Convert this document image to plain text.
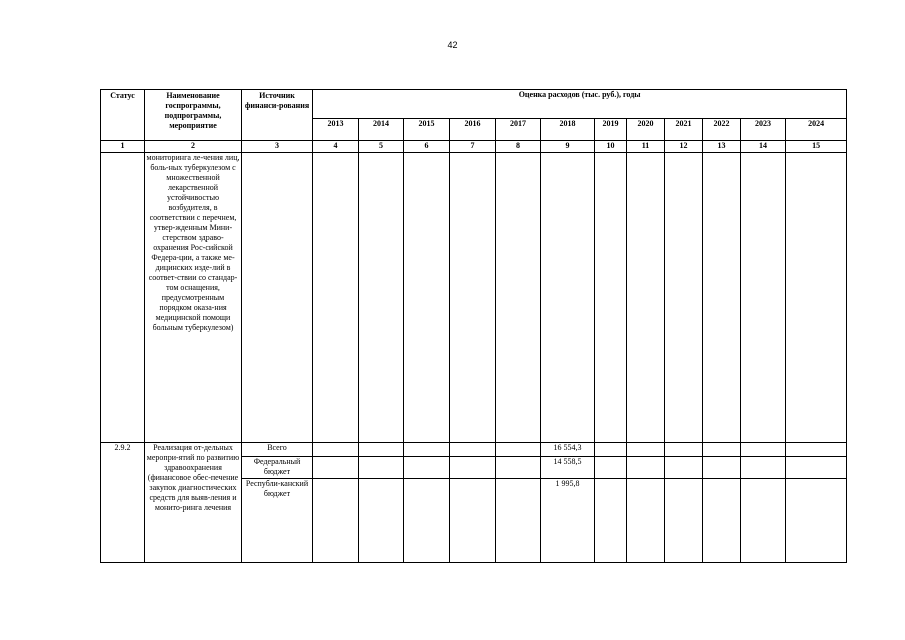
42
Статус	Наименование госпрограммы, подпрограммы, мероприятие	Источник финанси-рования	Оценка расходов (тыс. руб.), годы											
			2013	2014	2015	2016	2017	2018	2019	2020	2021	2022	2023	2024
1	2	3	4	5	6	7	8	9	10	11	12	13	14	15
	мониторинга ле-чения лиц, боль-ных туберкулезом с множественной лекарственной устойчивостью возбудителя, в соответствии с перечнем, утвер-жденным Мини-стерством здраво-охранения Рос-сийской Федера-ции, а также ме-дицинских изде-лий в соответ-ствии со стандар-том оснащения, предусмотренным порядком оказа-ния медицинской помощи больным туберкулезом)													
2.9.2	Реализация от-дельных меропри-ятий по развитию здравоохранения (финансовое обес-печение закупок диагностических средств для выяв-ления и монито-ринга лечения	Всего						16 554,3						
		Федеральный бюджет						14 558,5						
		Республи-канский бюджет						1 995,8						
